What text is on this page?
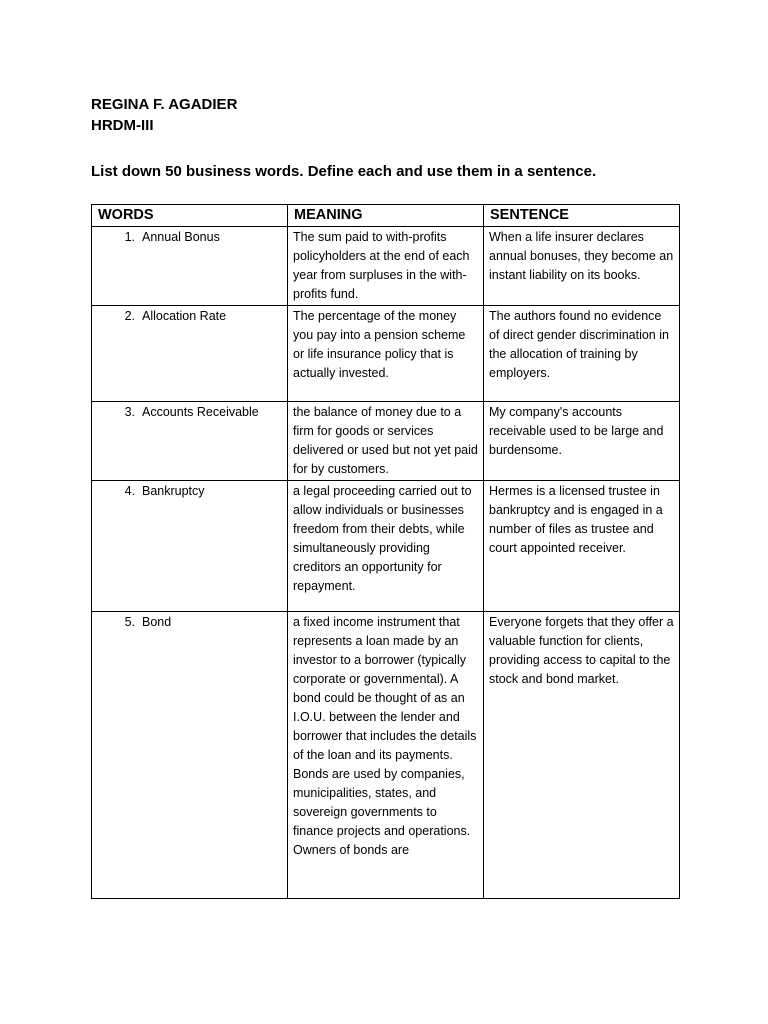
REGINA F. AGADIER
HRDM-III
List down 50 business words. Define each and use them in a sentence.
WORDS	MEANING	SENTENCE
1. Annual Bonus	The sum paid to with-profits policyholders at the end of each year from surpluses in the with-profits fund.	When a life insurer declares annual bonuses, they become an instant liability on its books.
2. Allocation Rate	The percentage of the money you pay into a pension scheme or life insurance policy that is actually invested.	The authors found no evidence of direct gender discrimination in the allocation of training by employers.
3. Accounts Receivable	the balance of money due to a firm for goods or services delivered or used but not yet paid for by customers.	My company's accounts receivable used to be large and burdensome.
4. Bankruptcy	a legal proceeding carried out to allow individuals or businesses freedom from their debts, while simultaneously providing creditors an opportunity for repayment.	Hermes is a licensed trustee in bankruptcy and is engaged in a number of files as trustee and court appointed receiver.
5. Bond	a fixed income instrument that represents a loan made by an investor to a borrower (typically corporate or governmental). A bond could be thought of as an I.O.U. between the lender and borrower that includes the details of the loan and its payments. Bonds are used by companies, municipalities, states, and sovereign governments to finance projects and operations. Owners of bonds are	Everyone forgets that they offer a valuable function for clients, providing access to capital to the stock and bond market.
